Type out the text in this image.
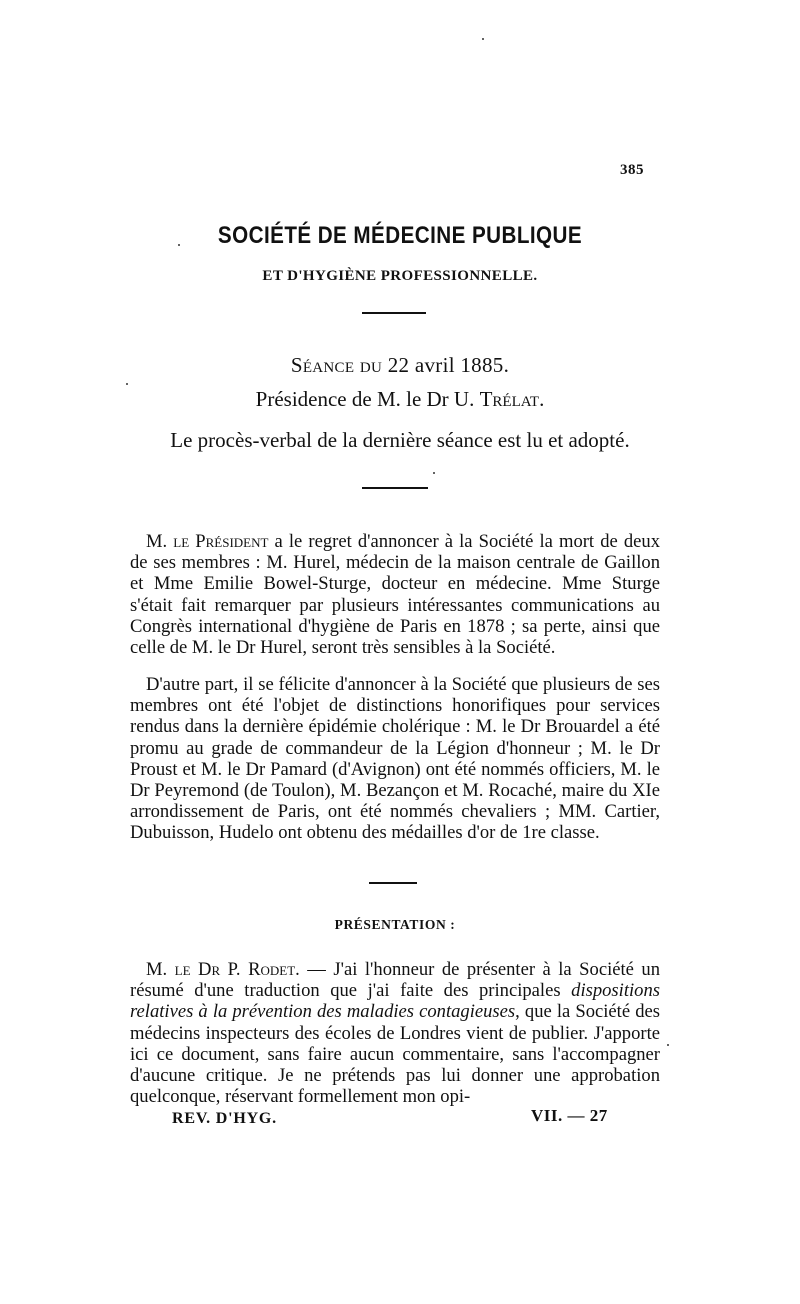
385
SOCIÉTÉ DE MÉDECINE PUBLIQUE
ET D'HYGIÈNE PROFESSIONNELLE.
Séance du 22 avril 1885.
Présidence de M. le Dr U. Trélat.
Le procès-verbal de la dernière séance est lu et adopté.
M. le Président a le regret d'annoncer à la Société la mort de deux de ses membres : M. Hurel, médecin de la maison centrale de Gaillon et Mme Emilie Bowel-Sturge, docteur en médecine. Mme Sturge s'était fait remarquer par plusieurs intéressantes communications au Congrès international d'hygiène de Paris en 1878 ; sa perte, ainsi que celle de M. le Dr Hurel, seront très sensibles à la Société.
D'autre part, il se félicite d'annoncer à la Société que plusieurs de ses membres ont été l'objet de distinctions honorifiques pour services rendus dans la dernière épidémie cholérique : M. le Dr Brouardel a été promu au grade de commandeur de la Légion d'honneur ; M. le Dr Proust et M. le Dr Pamard (d'Avignon) ont été nommés officiers, M. le Dr Peyremond (de Toulon), M. Bezançon et M. Rocaché, maire du XIe arrondissement de Paris, ont été nommés chevaliers ; MM. Cartier, Dubuisson, Hudelo ont obtenu des médailles d'or de 1re classe.
PRÉSENTATION :
M. le Dr P. Rodet. — J'ai l'honneur de présenter à la Société un résumé d'une traduction que j'ai faite des principales dispositions relatives à la prévention des maladies contagieuses, que la Société des médecins inspecteurs des écoles de Londres vient de publier. J'apporte ici ce document, sans faire aucun commentaire, sans l'accompagner d'aucune critique. Je ne prétends pas lui donner une approbation quelconque, réservant formellement mon opi-
REV. D'HYG.	VII. — 27
